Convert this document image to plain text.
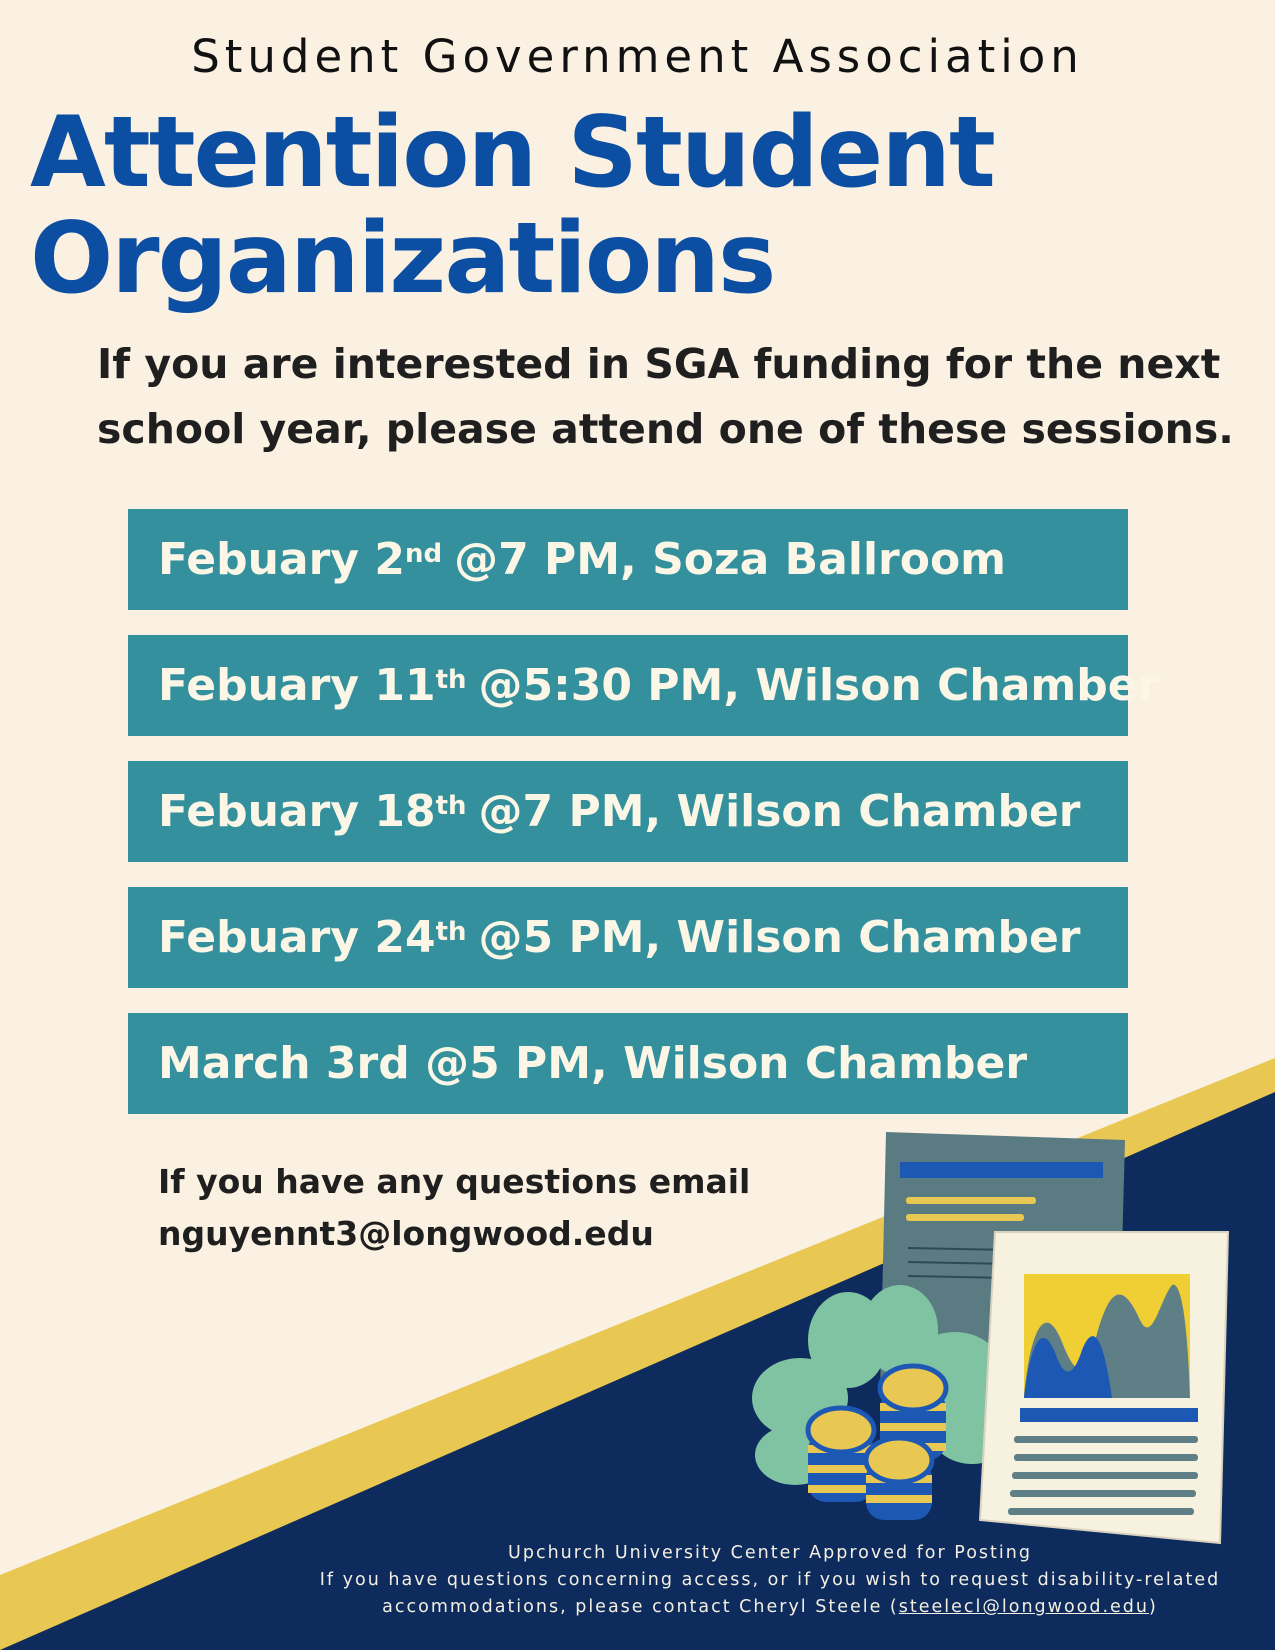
Student Government Association
Attention Student
Organizations

If you are interested in SGA funding for the next school year, please attend one of these sessions.

Febuary
2nd @7 PM, Soza Ballroom
Febuary
11th @5:30 PM, Wilson Chamber
Febuary
18th @7 PM, Wilson Chamber
Febuary
24th @5 PM, Wilson Chamber
March
3rd
@5 PM, Wilson Chamber
If you have any questions email
nguyennt3@longwood.edu
Upchurch University Center Approved for Posting
If you have questions concerning access, or if you wish to request disability-related
accommodations, please contact Cheryl Steele (steelecl@longwood.edu)
